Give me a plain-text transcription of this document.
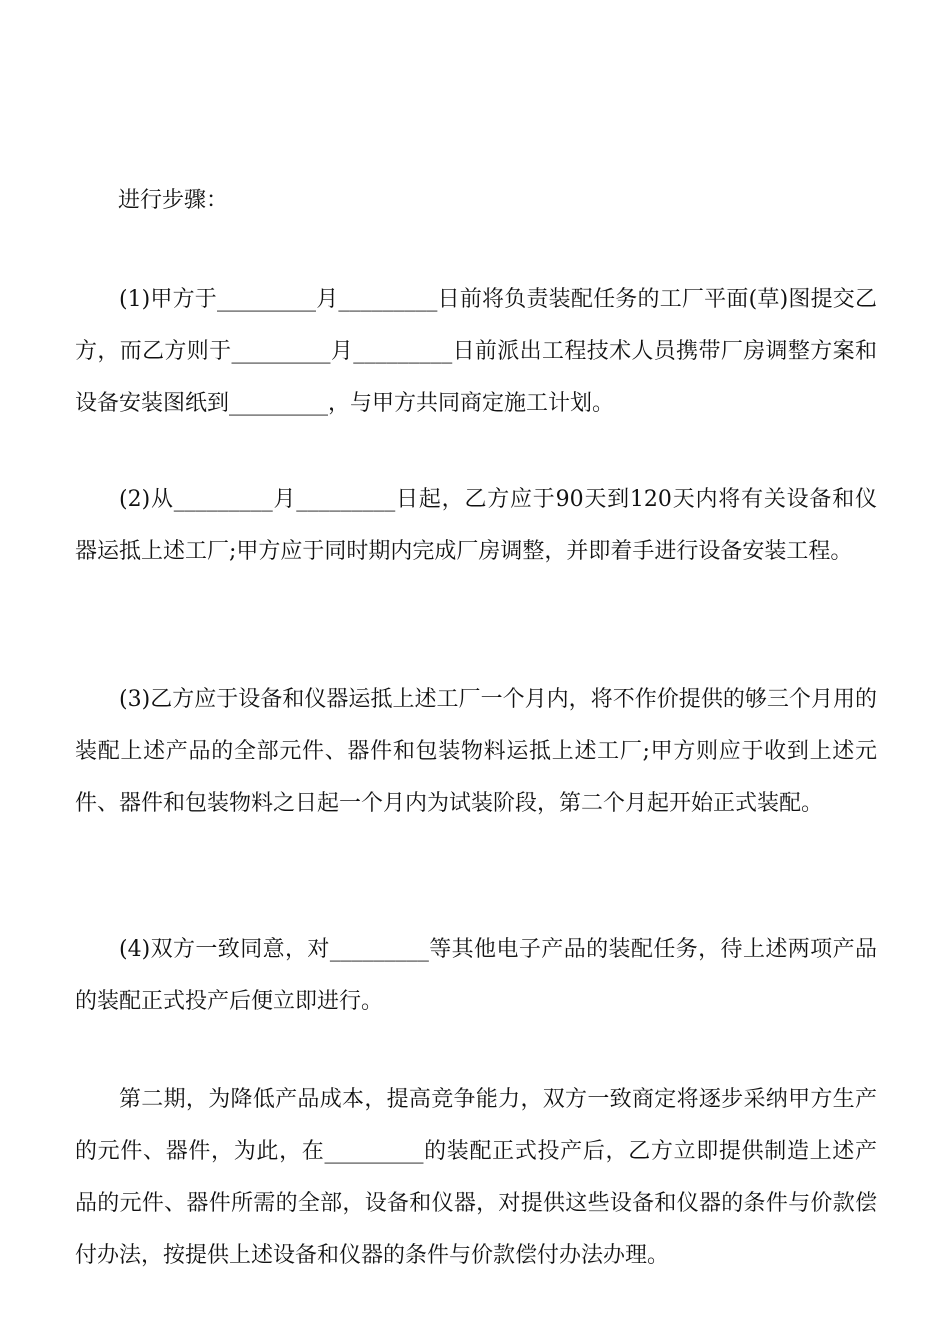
进行步骤：

(1)甲方于_________月_________日前将负责装配任务的工厂平面(草)图提交乙方，而乙方则于_________月_________日前派出工程技术人员携带厂房调整方案和设备安装图纸到_________，与甲方共同商定施工计划。

(2)从_________月_________日起，乙方应于90天到120天内将有关设备和仪器运抵上述工厂;甲方应于同时期内完成厂房调整，并即着手进行设备安装工程。

(3)乙方应于设备和仪器运抵上述工厂一个月内，将不作价提供的够三个月用的装配上述产品的全部元件、器件和包装物料运抵上述工厂;甲方则应于收到上述元件、器件和包装物料之日起一个月内为试装阶段，第二个月起开始正式装配。

(4)双方一致同意，对_________等其他电子产品的装配任务，待上述两项产品的装配正式投产后便立即进行。

第二期，为降低产品成本，提高竞争能力，双方一致商定将逐步采纳甲方生产的元件、器件，为此，在_________的装配正式投产后，乙方立即提供制造上述产品的元件、器件所需的全部，设备和仪器，对提供这些设备和仪器的条件与价款偿付办法，按提供上述设备和仪器的条件与价款偿付办法办理。
